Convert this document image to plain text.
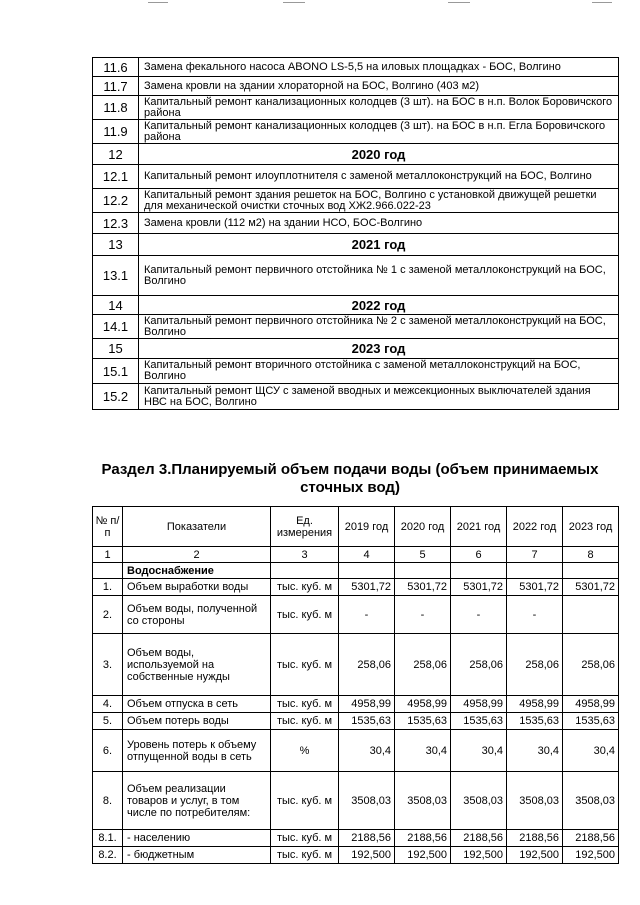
11.6	Замена фекального насоса ABONO LS-5,5 на иловых площадках - БОС, Волгино
11.7	Замена кровли на здании хлораторной на БОС, Волгино (403 м2)
11.8	Капитальный ремонт канализационных колодцев (3 шт). на БОС в н.п. Волок Боровичского района
11.9	Капитальный ремонт канализационных колодцев (3 шт). на БОС в н.п. Егла Боровичского района
12	2020 год
12.1	Капитальный ремонт илоуплотнителя с заменой металлоконструкций на БОС, Волгино
12.2	Капитальный ремонт здания решеток на БОС, Волгино с установкой движущей решетки для механической очистки сточных вод ХЖ2.966.022-23
12.3	Замена кровли (112 м2) на здании НСО, БОС-Волгино
13	2021 год
13.1	Капитальный ремонт первичного отстойника № 1 с заменой металлоконструкций на БОС, Волгино
14	2022 год
14.1	Капитальный ремонт первичного отстойника № 2 с заменой металлоконструкций на БОС, Волгино
15	2023 год
15.1	Капитальный ремонт вторичного отстойника с заменой металлоконструкций на БОС, Волгино
15.2	Капитальный ремонт ЩСУ с заменой вводных и межсекционных выключателей здания НВС на БОС, Волгино
Раздел 3.Планируемый объем подачи воды (объем принимаемых сточных вод)
№ п/п	Показатели	Ед. измерения	2019 год	2020 год	2021 год	2022 год	2023 год
1	2	3	4	5	6	7	8
	Водоснабжение						
1.	Объем выработки воды	тыс. куб. м	5301,72	5301,72	5301,72	5301,72	5301,72
2.	Объем воды, полученной со стороны	тыс. куб. м	-	-	-	-	
3.	Объем воды, используемой на собственные нужды	тыс. куб. м	258,06	258,06	258,06	258,06	258,06
4.	Объем отпуска в сеть	тыс. куб. м	4958,99	4958,99	4958,99	4958,99	4958,99
5.	Объем потерь воды	тыс. куб. м	1535,63	1535,63	1535,63	1535,63	1535,63
6.	Уровень потерь к объему отпущенной воды в сеть	%	30,4	30,4	30,4	30,4	30,4
8.	Объем реализации товаров и услуг, в том числе по потребителям:	тыс. куб. м	3508,03	3508,03	3508,03	3508,03	3508,03
8.1.	- населению	тыс. куб. м	2188,56	2188,56	2188,56	2188,56	2188,56
8.2.	- бюджетным	тыс. куб. м	192,500	192,500	192,500	192,500	192,500
